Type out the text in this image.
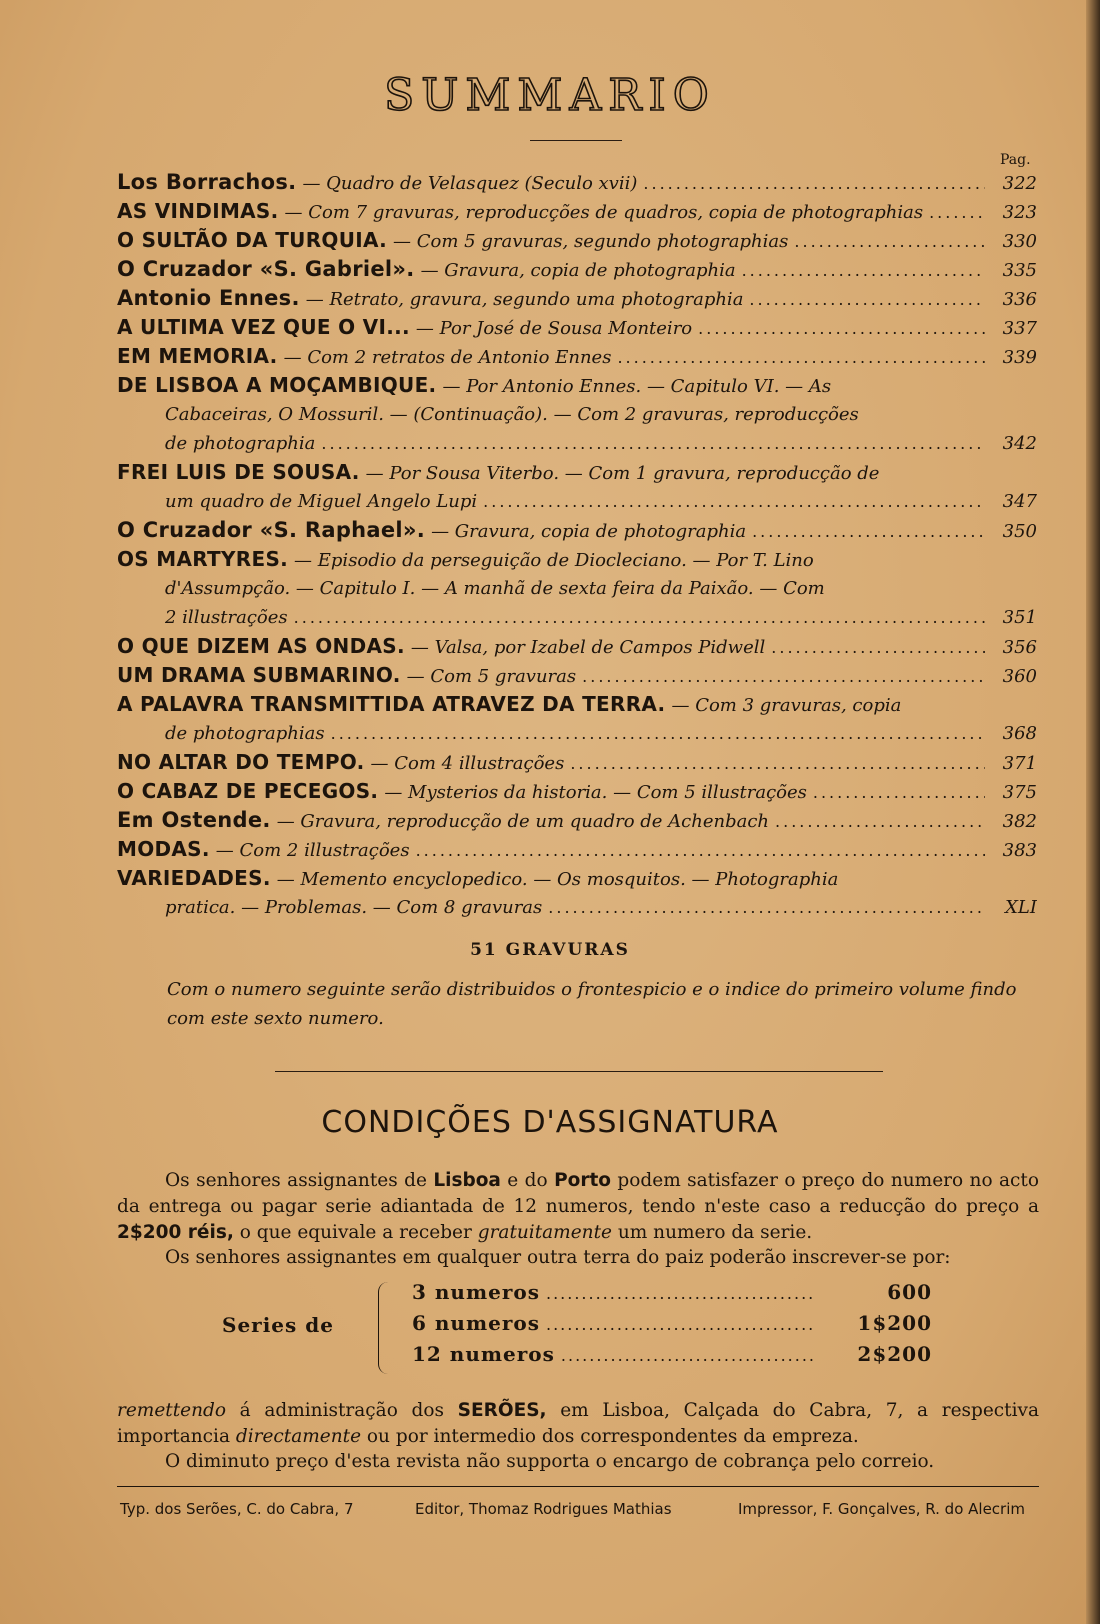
SUMMARIO
Pag.
Los Borrachos. — Quadro de Velasquez (Seculo xvii) .....	322
AS VINDIMAS. — Com 7 gravuras, reproducções de quadros, copia de photographias .....	323
O SULTÃO DA TURQUIA. — Com 5 gravuras, segundo photographias .....	330
O Cruzador «S. Gabriel». — Gravura, copia de photographia .....	335
Antonio Ennes. — Retrato, gravura, segundo uma photographia .....	336
A ULTIMA VEZ QUE O VI... — Por José de Sousa Monteiro .....	337
EM MEMORIA. — Com 2 retratos de Antonio Ennes .....	339
DE LISBOA A MOÇAMBIQUE. — Por Antonio Ennes. — Capitulo VI. — As
Cabaceiras, O Mossuril. — (Continuação). — Com 2 gravuras, reproducções
de photographia .....	342
FREI LUIS DE SOUSA. — Por Sousa Viterbo. — Com 1 gravura, reproducção de
um quadro de Miguel Angelo Lupi .....	347
O Cruzador «S. Raphael». — Gravura, copia de photographia .....	350
OS MARTYRES. — Episodio da perseguição de Diocleciano. — Por T. Lino
d'Assumpção. — Capitulo I. — A manhã de sexta feira da Paixão. — Com
2 illustrações .....	351
O QUE DIZEM AS ONDAS. — Valsa, por Izabel de Campos Pidwell .....	356
UM DRAMA SUBMARINO. — Com 5 gravuras .....	360
A PALAVRA TRANSMITTIDA ATRAVEZ DA TERRA. — Com 3 gravuras, copia
de photographias .....	368
NO ALTAR DO TEMPO. — Com 4 illustrações .....	371
O CABAZ DE PECEGOS. — Mysterios da historia. — Com 5 illustrações .....	375
Em Ostende. — Gravura, reproducção de um quadro de Achenbach .....	382
MODAS. — Com 2 illustrações .....	383
VARIEDADES. — Memento encyclopedico. — Os mosquitos. — Photographia
pratica. — Problemas. — Com 8 gravuras .....	XLI
51 GRAVURAS
Com o numero seguinte serão distribuidos o frontespicio e o indice do primeiro volume findo com este sexto numero.
CONDIÇÕES D'ASSIGNATURA
Os senhores assignantes de Lisboa e do Porto podem satisfazer o preço do numero no acto da entrega ou pagar serie adiantada de 12 numeros, tendo n'este caso a reducção do preço a 2$200 réis, o que equivale a receber gratuitamente um numero da serie.
Os senhores assignantes em qualquer outra terra do paiz poderão inscrever-se por:
Series de
3 numeros .....	600
6 numeros .....	1$200
12 numeros .....	2$200
remettendo á administração dos SERÕES, em Lisboa, Calçada do Cabra, 7, a respectiva importancia directamente ou por intermedio dos correspondentes da empreza.
O diminuto preço d'esta revista não supporta o encargo de cobrança pelo correio.
Typ. dos Serões, C. do Cabra, 7	Editor, Thomaz Rodrigues Mathias	Impressor, F. Gonçalves, R. do Alecrim
